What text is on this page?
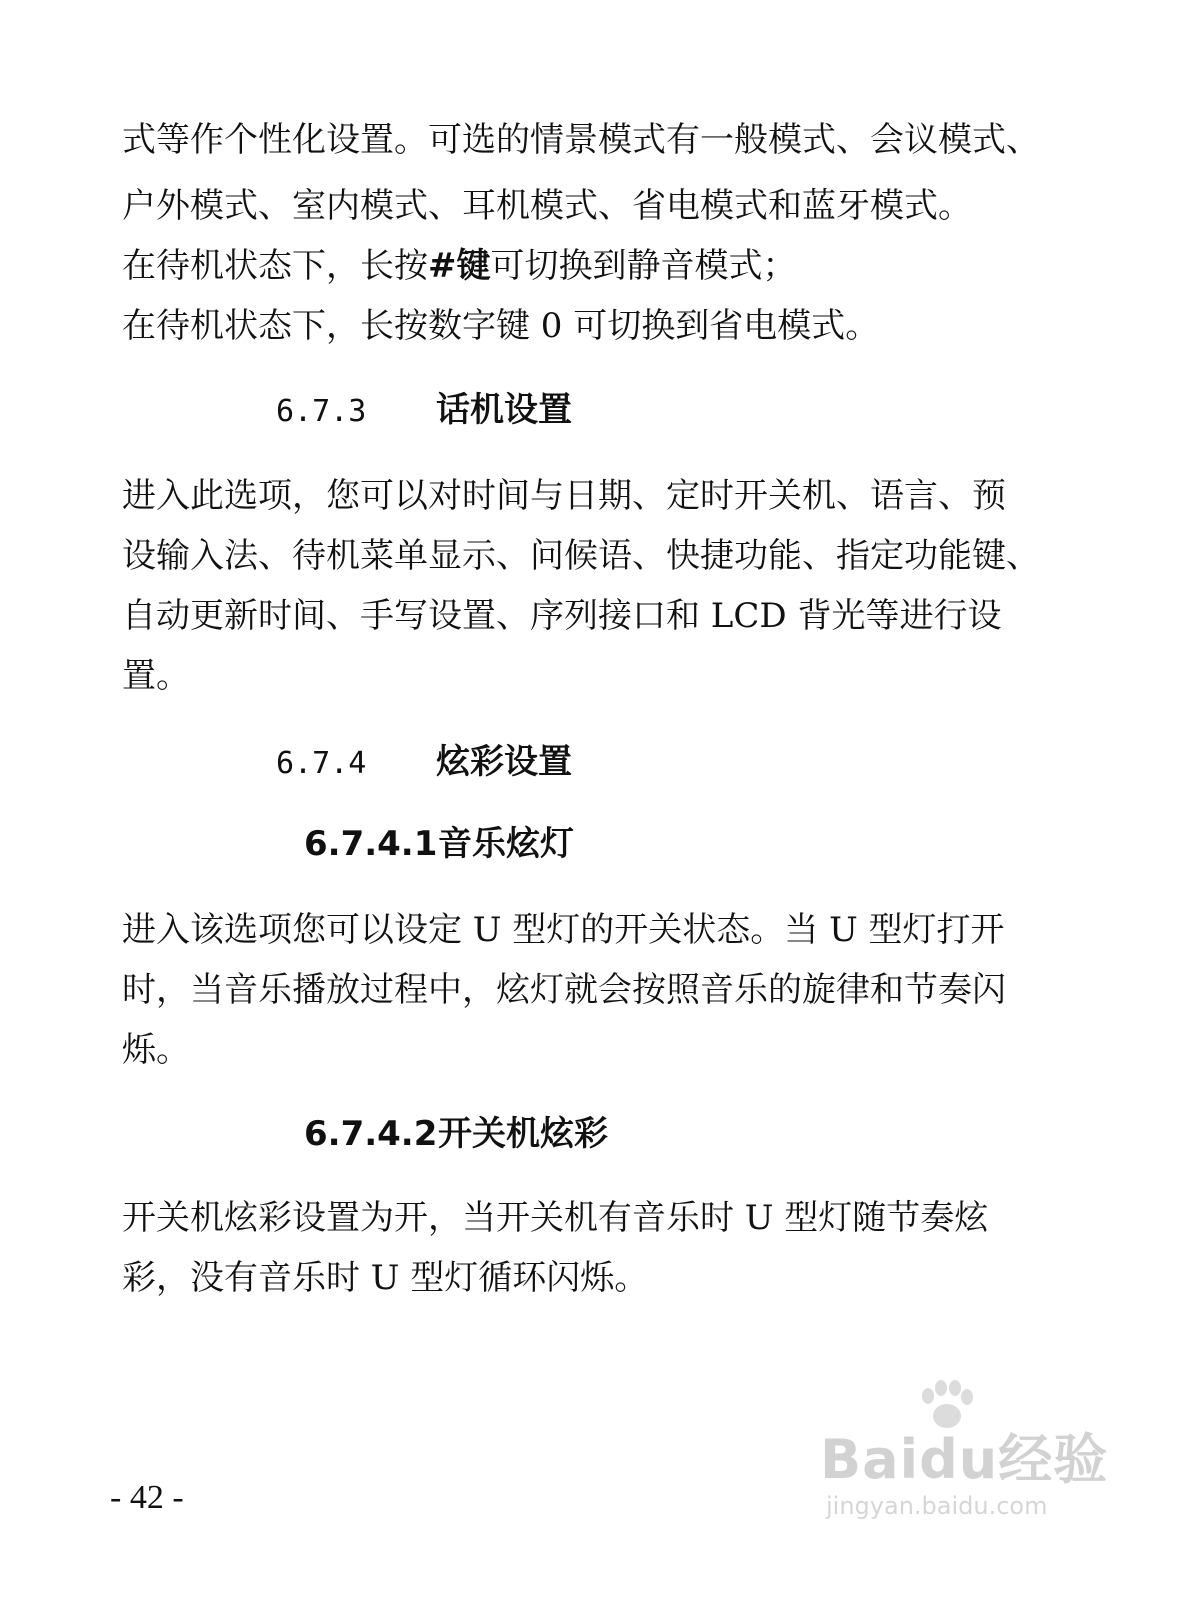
式等作个性化设置。可选的情景模式有一般模式、会议模式、
户外模式、室内模式、耳机模式、省电模式和蓝牙模式。
在待机状态下，长按#键可切换到静音模式；
在待机状态下，长按数字键 0 可切换到省电模式。
6.7.3 话机设置
进入此选项，您可以对时间与日期、定时开关机、语言、预
设输入法、待机菜单显示、问候语、快捷功能、指定功能键、
自动更新时间、手写设置、序列接口和 LCD 背光等进行设
置。
6.7.4 炫彩设置
6.7.4.1音乐炫灯
进入该选项您可以设定 U 型灯的开关状态。当 U 型灯打开
时，当音乐播放过程中，炫灯就会按照音乐的旋律和节奏闪
烁。
6.7.4.2开关机炫彩
开关机炫彩设置为开，当开关机有音乐时 U 型灯随节奏炫
彩，没有音乐时 U 型灯循环闪烁。
- 42 -
Baidu经验
jingyan.baidu.com
